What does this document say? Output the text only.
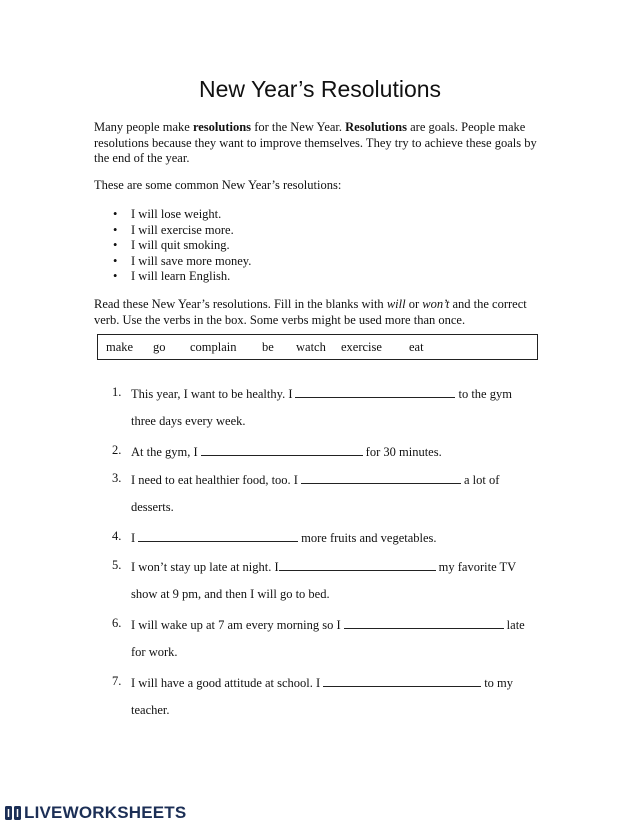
New Year’s Resolutions
Many people make resolutions for the New Year. Resolutions are goals. People make resolutions because they want to improve themselves. They try to achieve these goals by the end of the year.
These are some common New Year’s resolutions:
• I will lose weight.
• I will exercise more.
• I will quit smoking.
• I will save more money.
• I will learn English.
Read these New Year’s resolutions. Fill in the blanks with will or won’t and the correct verb. Use the verbs in the box. Some verbs might be used more than once.
make go complain be watch exercise eat
1. This year, I want to be healthy. I	to the gym
three days every week.
2. At the gym, I	for 30 minutes.
3. I need to eat healthier food, too. I	a lot of
desserts.
4. I	more fruits and vegetables.
5. I won’t stay up late at night. I	my favorite TV
show at 9 pm, and then I will go to bed.
6. I will wake up at 7 am every morning so I	late
for work.
7. I will have a good attitude at school. I	to my
teacher.
LIVEWORKSHEETS
